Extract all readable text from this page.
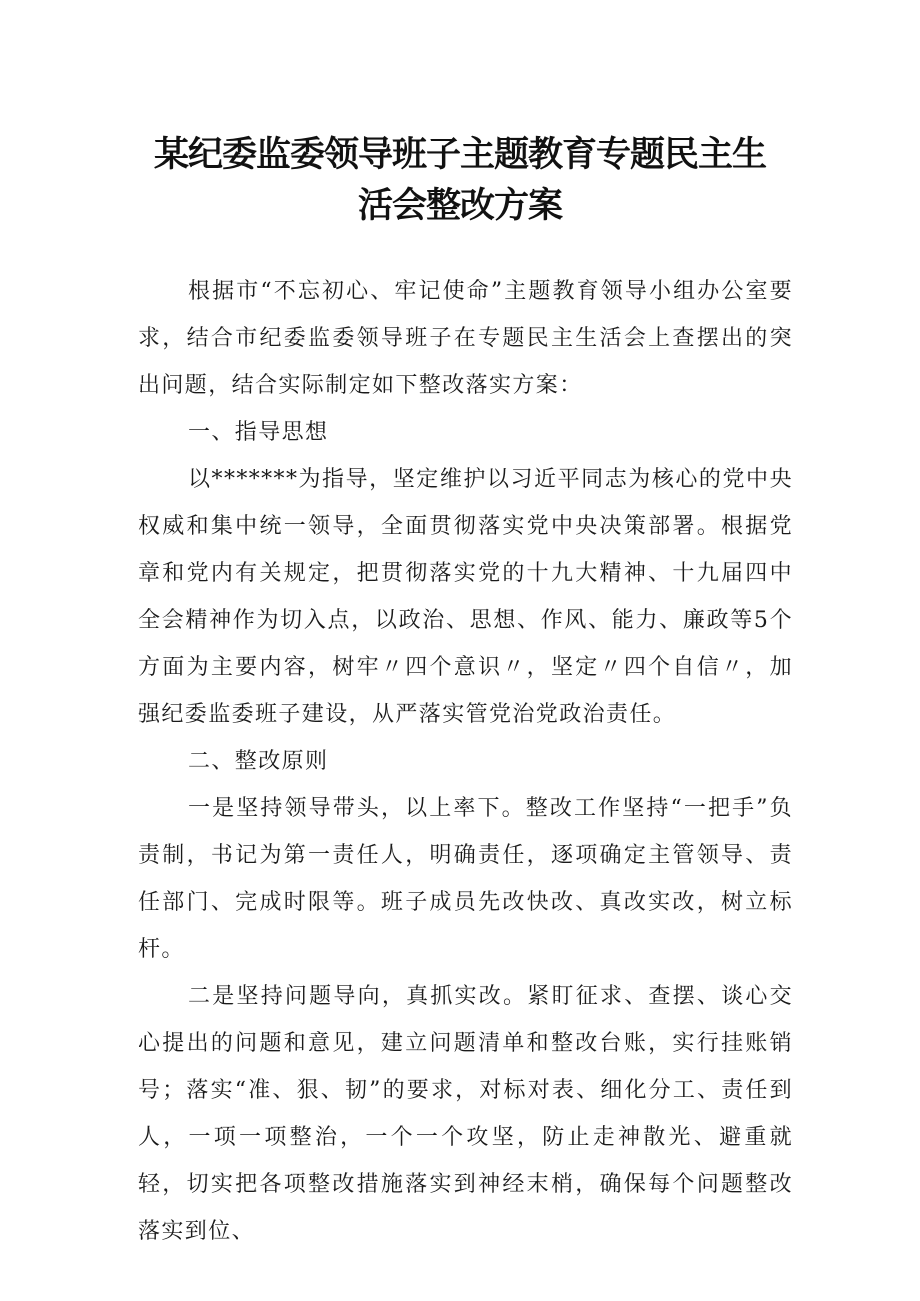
某纪委监委领导班子主题教育专题民主生
活会整改方案

根据市“不忘初心、牢记使命”主题教育领导小组办公室要求，结合市纪委监委领导班子在专题民主生活会上查摆出的突出问题，结合实际制定如下整改落实方案：

一、指导思想

以*******为指导，坚定维护以习近平同志为核心的党中央权威和集中统一领导，全面贯彻落实党中央决策部署。根据党章和党内有关规定，把贯彻落实党的十九大精神、十九届四中全会精神作为切入点，以政治、思想、作风、能力、廉政等5个方面为主要内容，树牢〃四个意识〃，坚定〃四个自信〃，加强纪委监委班子建设，从严落实管党治党政治责任。

二、整改原则

一是坚持领导带头，以上率下。整改工作坚持“一把手”负责制，书记为第一责任人，明确责任，逐项确定主管领导、责任部门、完成时限等。班子成员先改快改、真改实改，树立标杆。

二是坚持问题导向，真抓实改。紧盯征求、查摆、谈心交心提出的问题和意见，建立问题清单和整改台账，实行挂账销号；落实“准、狠、韧”的要求，对标对表、细化分工、责任到人，一项一项整治，一个一个攻坚，防止走神散光、避重就轻，切实把各项整改措施落实到神经末梢，确保每个问题整改落实到位、
